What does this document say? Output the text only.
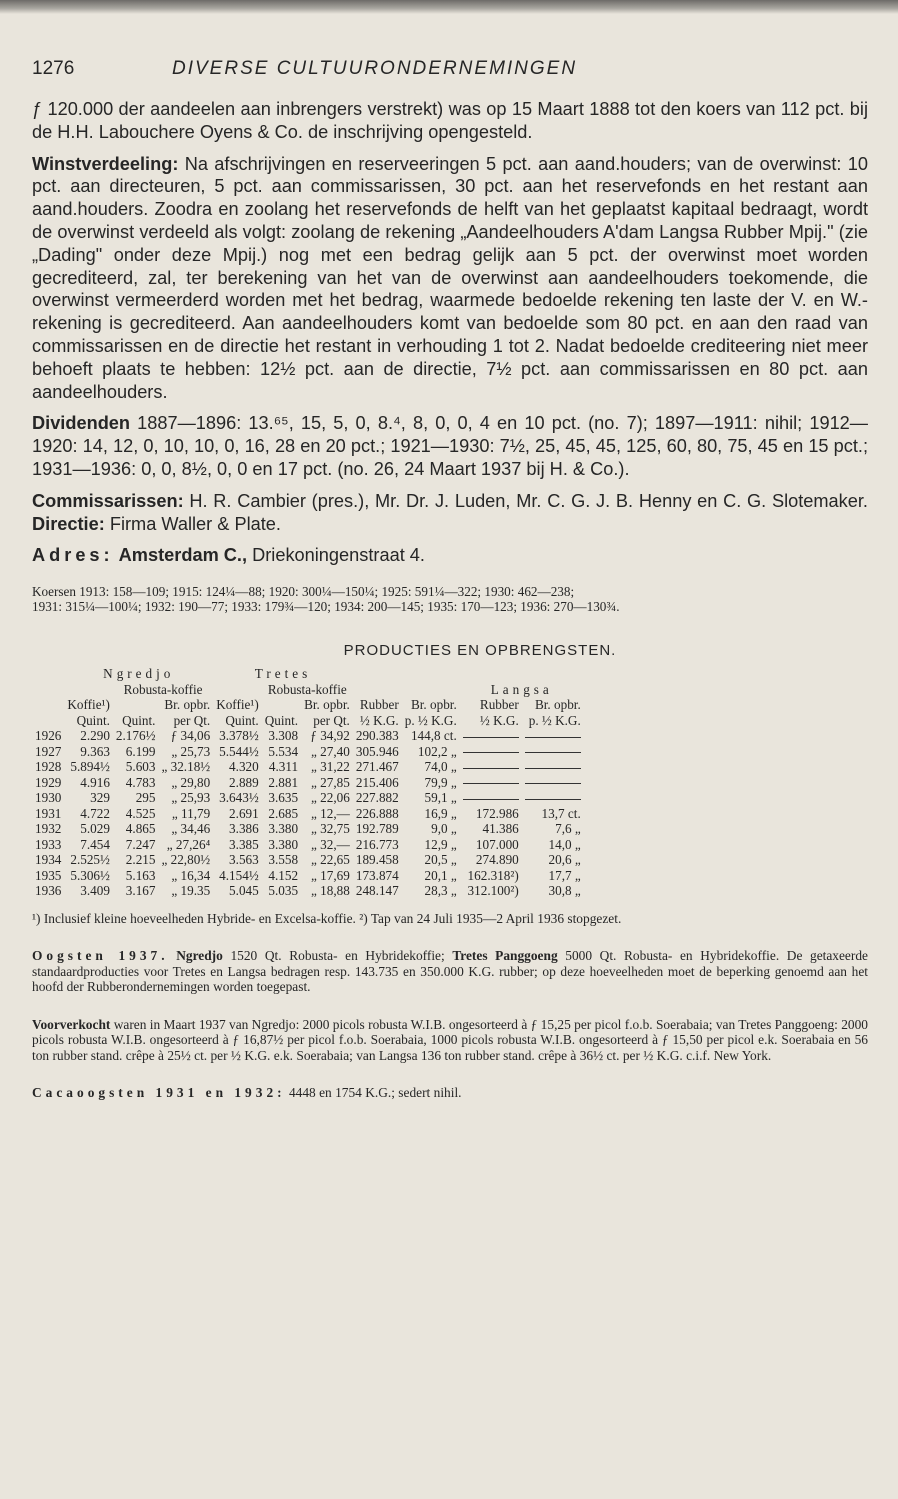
1276	DIVERSE CULTUURONDERNEMINGEN

ƒ 120.000 der aandeelen aan inbrengers verstrekt) was op 15 Maart 1888 tot den koers van 112 pct. bij de H.H. Labouchere Oyens & Co. de inschrijving opengesteld.

Winstverdeeling: Na afschrijvingen en reserveeringen 5 pct. aan aand.houders; van de overwinst: 10 pct. aan directeuren, 5 pct. aan commissarissen, 30 pct. aan het reservefonds en het restant aan aand.houders. Zoodra en zoolang het reservefonds de helft van het geplaatst kapitaal bedraagt, wordt de overwinst verdeeld als volgt: zoolang de rekening „Aandeelhouders A'dam Langsa Rubber Mpij." (zie „Dading" onder deze Mpij.) nog met een bedrag gelijk aan 5 pct. der overwinst moet worden gecrediteerd, zal, ter berekening van het van de overwinst aan aandeelhouders toekomende, die overwinst vermeerderd worden met het bedrag, waarmede bedoelde rekening ten laste der V. en W.-rekening is gecrediteerd. Aan aandeelhouders komt van bedoelde som 80 pct. en aan den raad van commissarissen en de directie het restant in verhouding 1 tot 2. Nadat bedoelde crediteering niet meer behoeft plaats te hebben: 12½ pct. aan de directie, 7½ pct. aan commissarissen en 80 pct. aan aandeelhouders.

Dividenden 1887—1896: 13.⁶⁵, 15, 5, 0, 8.⁴, 8, 0, 0, 4 en 10 pct. (no. 7); 1897—1911: nihil; 1912—1920: 14, 12, 0, 10, 10, 0, 16, 28 en 20 pct.; 1921—1930: 7½, 25, 45, 45, 125, 60, 80, 75, 45 en 15 pct.; 1931—1936: 0, 0, 8½, 0, 0 en 17 pct. (no. 26, 24 Maart 1937 bij H. & Co.).

Commissarissen: H. R. Cambier (pres.), Mr. Dr. J. Luden, Mr. C. G. J. B. Henny en C. G. Slotemaker. Directie: Firma Waller & Plate.

Adres: Amsterdam C., Driekoningenstraat 4.

Koersen 1913: 158—109; 1915: 124¼—88; 1920: 300¼—150¼; 1925: 591¼—322; 1930: 462—238;
1931: 315¼—100¼; 1932: 190—77; 1933: 179¾—120; 1934: 200—145; 1935: 170—123; 1936: 270—130¾.
PRODUCTIES EN OPBRENGSTEN.
	Ngredjo			Tretes						
		Robusta-koffie			Robusta-koffie				Langsa	
	Koffie¹)		Br. opbr.	Koffie¹)		Br. opbr.	Rubber	Br. opbr.	Rubber	Br. opbr.
	Quint.	Quint.	per Qt.	Quint.	Quint.	per Qt.	½ K.G.	p. ½ K.G.	½ K.G.	p. ½ K.G.
1926	2.290	2.176½	ƒ 34,06	3.378½	3.308	ƒ 34,92	290.383	144,8 ct.		
1927	9.363	6.199	„ 25,73	5.544½	5.534	„ 27,40	305.946	102,2 „		
1928	5.894½	5.603	„ 32.18½	4.320	4.311	„ 31,22	271.467	74,0 „		
1929	4.916	4.783	„ 29,80	2.889	2.881	„ 27,85	215.406	79,9 „		
1930	329	295	„ 25,93	3.643½	3.635	„ 22,06	227.882	59,1 „		
1931	4.722	4.525	„ 11,79	2.691	2.685	„ 12,—	226.888	16,9 „	172.986	13,7 ct.
1932	5.029	4.865	„ 34,46	3.386	3.380	„ 32,75	192.789	9,0 „	41.386	7,6 „
1933	7.454	7.247	„ 27,26⁴	3.385	3.380	„ 32,—	216.773	12,9 „	107.000	14,0 „
1934	2.525½	2.215	„ 22,80½	3.563	3.558	„ 22,65	189.458	20,5 „	274.890	20,6 „
1935	5.306½	5.163	„ 16,34	4.154½	4.152	„ 17,69	173.874	20,1 „	162.318²)	17,7 „
1936	3.409	3.167	„ 19.35	5.045	5.035	„ 18,88	248.147	28,3 „	312.100²)	30,8 „
¹) Inclusief kleine hoeveelheden Hybride- en Excelsa-koffie. ²) Tap van 24 Juli 1935—2 April 1936 stopgezet.
Oogsten 1937. Ngredjo 1520 Qt. Robusta- en Hybridekoffie; Tretes Panggoeng 5000 Qt. Robusta- en Hybridekoffie. De getaxeerde standaardproducties voor Tretes en Langsa bedragen resp. 143.735 en 350.000 K.G. rubber; op deze hoeveelheden moet de beperking genoemd aan het hoofd der Rubberondernemingen worden toegepast.
Voorverkocht waren in Maart 1937 van Ngredjo: 2000 picols robusta W.I.B. ongesorteerd à ƒ 15,25 per picol f.o.b. Soerabaia; van Tretes Panggoeng: 2000 picols robusta W.I.B. ongesorteerd à ƒ 16,87½ per picol f.o.b. Soerabaia, 1000 picols robusta W.I.B. ongesorteerd à ƒ 15,50 per picol e.k. Soerabaia en 56 ton rubber stand. crêpe à 25½ ct. per ½ K.G. e.k. Soerabaia; van Langsa 136 ton rubber stand. crêpe à 36½ ct. per ½ K.G. c.i.f. New York.
Cacaoogsten 1931 en 1932: 4448 en 1754 K.G.; sedert nihil.
